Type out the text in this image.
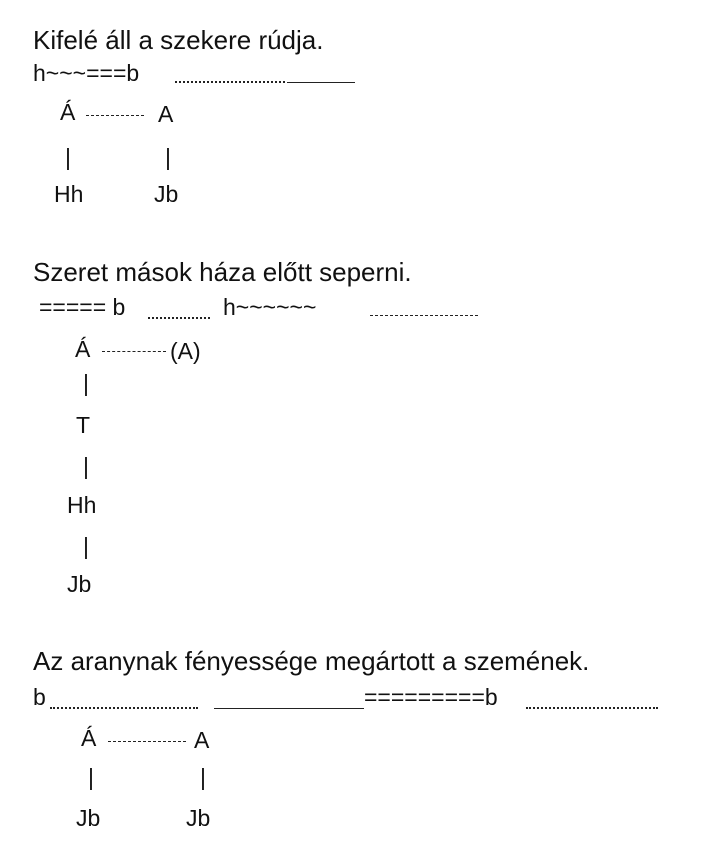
Kifelé áll a szekere rúdja.
h~~~===b
Á	A
|	|
Hh	Jb
Szeret mások háza előtt seperni.
===== b	h~~~~~~
Á	(A)
|
T
|
Hh
|
Jb
Az aranynak fényessége megártott a szemének.
b	=========b
Á	A
|	|
Jb	Jb
